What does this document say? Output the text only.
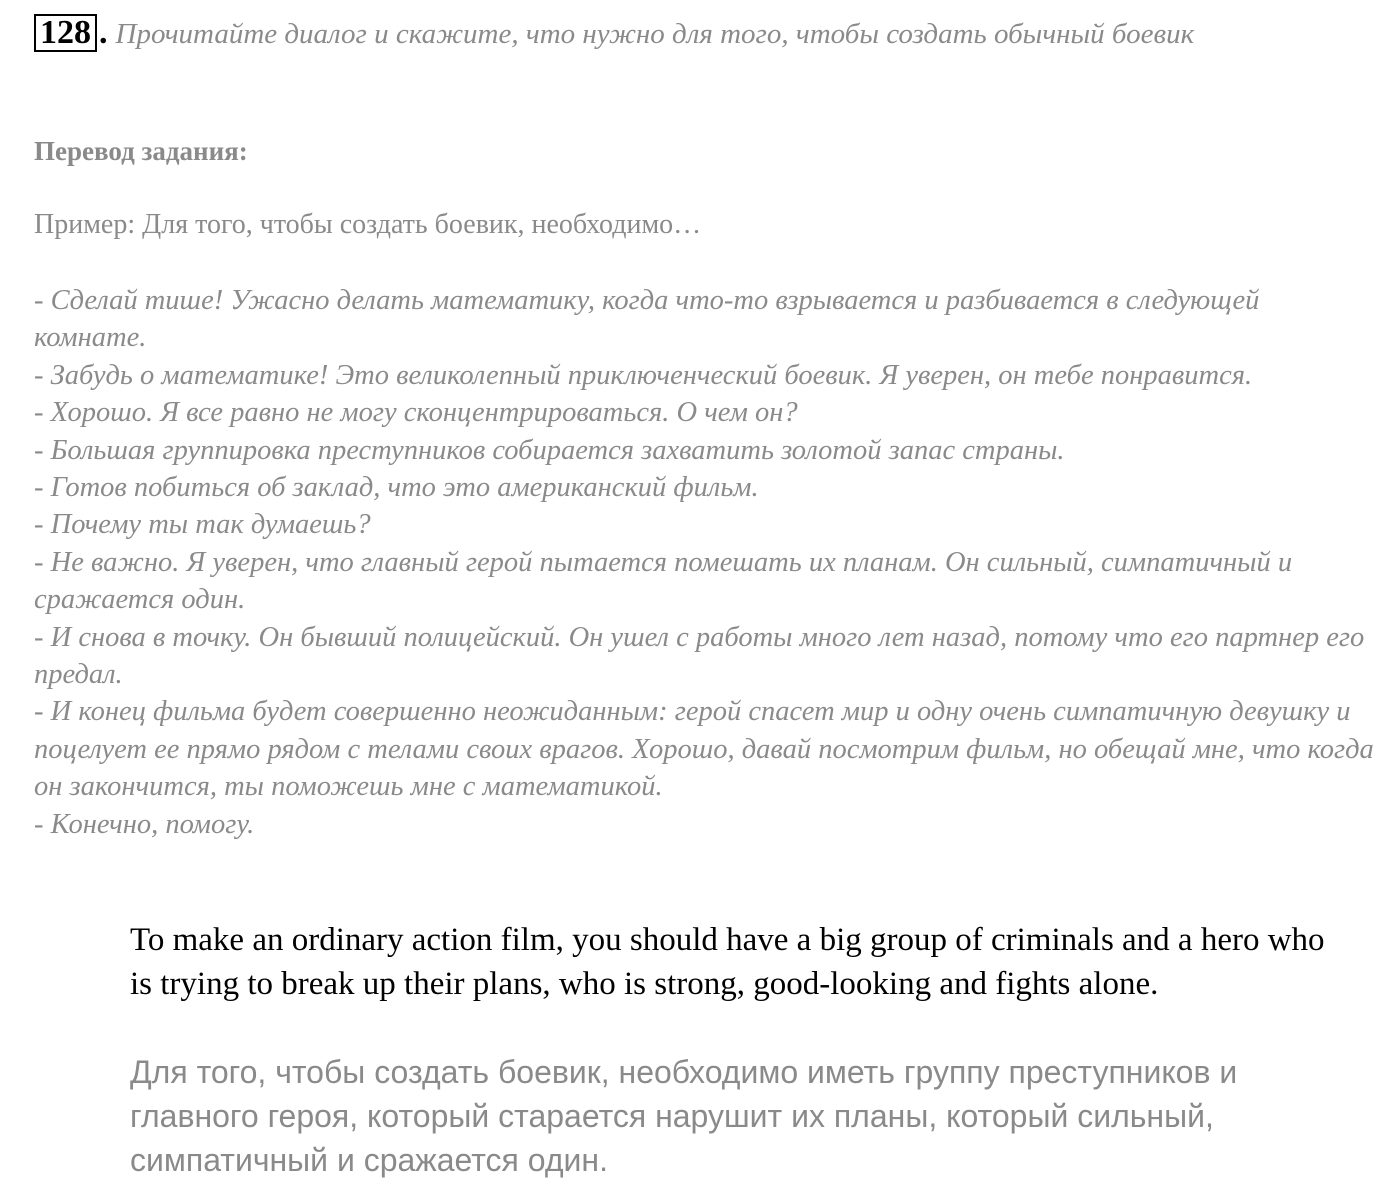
128 . Прочитайте диалог и скажите, что нужно для того, чтобы создать обычный боевик
Перевод задания:
Пример: Для того, чтобы создать боевик, необходимо…
- Сделай тише! Ужасно делать математику, когда что-то взрывается и разбивается в следующей комнате.
- Забудь о математике! Это великолепный приключенческий боевик. Я уверен, он тебе понравится.
- Хорошо. Я все равно не могу сконцентрироваться. О чем он?
- Большая группировка преступников собирается захватить золотой запас страны.
- Готов побиться об заклад, что это американский фильм.
- Почему ты так думаешь?
- Не важно. Я уверен, что главный герой пытается помешать их планам. Он сильный, симпатичный и сражается один.
- И снова в точку. Он бывший полицейский. Он ушел с работы много лет назад, потому что его партнер его предал.
- И конец фильма будет совершенно неожиданным: герой спасет мир и одну очень симпатичную девушку и поцелует ее прямо рядом с телами своих врагов. Хорошо, давай посмотрим фильм, но обещай мне, что когда он закончится, ты поможешь мне с математикой.
- Конечно, помогу.
To make an ordinary action film, you should have a big group of criminals and a hero who is trying to break up their plans, who is strong, good-looking and fights alone.
Для того, чтобы создать боевик, необходимо иметь группу преступников и главного героя, который старается нарушит их планы, который сильный, симпатичный и сражается один.
